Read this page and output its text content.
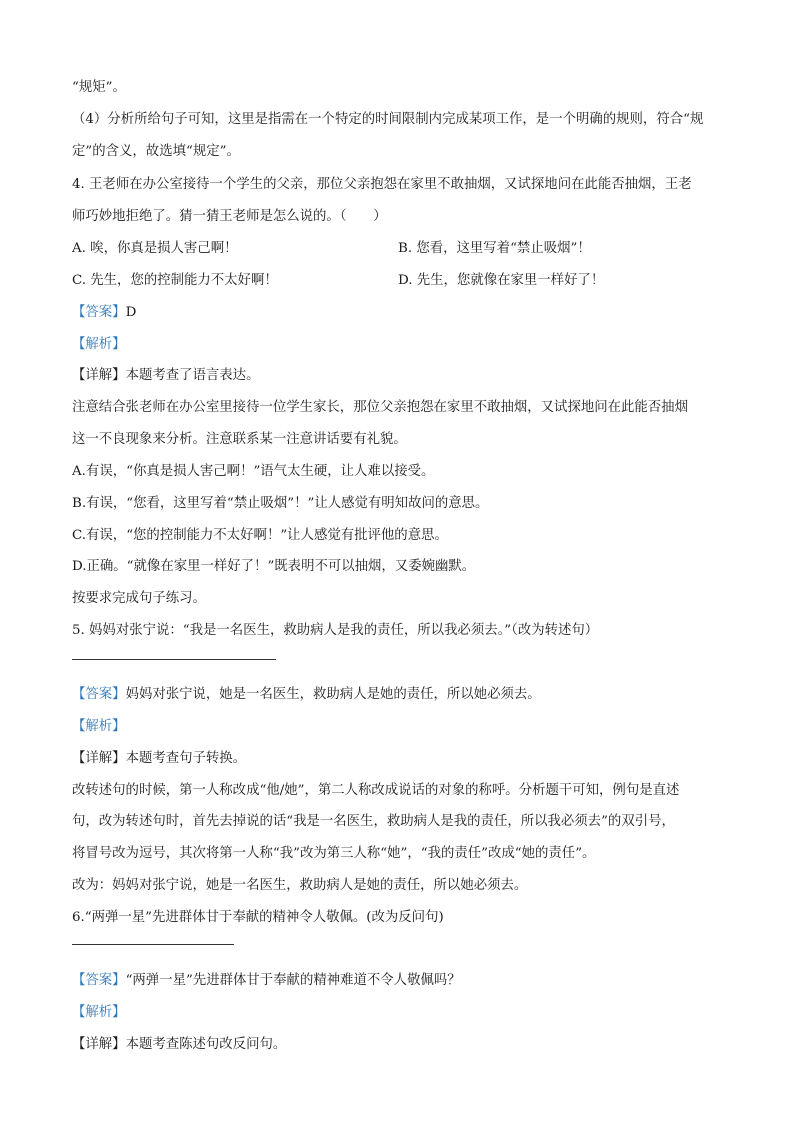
“规矩”。
（4）分析所给句子可知，这里是指需在一个特定的时间限制内完成某项工作，是一个明确的规则，符合“规
定”的含义，故选填“规定”。
4. 王老师在办公室接待一个学生的父亲，那位父亲抱怨在家里不敢抽烟，又试探地问在此能否抽烟，王老
师巧妙地拒绝了。猜一猜王老师是怎么说的。（　　）
A. 唉，你真是损人害己啊！	B. 您看，这里写着“禁止吸烟”！
C. 先生，您的控制能力不太好啊！	D. 先生，您就像在家里一样好了！
【答案】D
【解析】
【详解】本题考查了语言表达。
注意结合张老师在办公室里接待一位学生家长，那位父亲抱怨在家里不敢抽烟，又试探地问在此能否抽烟
这一不良现象来分析。注意联系某一注意讲话要有礼貌。
A.有误，“你真是损人害己啊！”语气太生硬，让人难以接受。
B.有误，“您看，这里写着“禁止吸烟”！”让人感觉有明知故问的意思。
C.有误，“您的控制能力不太好啊！”让人感觉有批评他的意思。
D.正确。“就像在家里一样好了！”既表明不可以抽烟，又委婉幽默。
按要求完成句子练习。
5. 妈妈对张宁说：“我是一名医生，救助病人是我的责任，所以我必须去。”（改为转述句）
【答案】妈妈对张宁说，她是一名医生，救助病人是她的责任，所以她必须去。
【解析】
【详解】本题考查句子转换。
改转述句的时候，第一人称改成“他/她”，第二人称改成说话的对象的称呼。分析题干可知，例句是直述
句，改为转述句时，首先去掉说的话“我是一名医生，救助病人是我的责任，所以我必须去”的双引号，
将冒号改为逗号，其次将第一人称“我”改为第三人称“她”，“我的责任”改成“她的责任”。
改为：妈妈对张宁说，她是一名医生，救助病人是她的责任，所以她必须去。
6.“两弹一星”先进群体甘于奉献的精神令人敬佩。(改为反问句)
【答案】“两弹一星”先进群体甘于奉献的精神难道不令人敬佩吗？
【解析】
【详解】本题考查陈述句改反问句。
